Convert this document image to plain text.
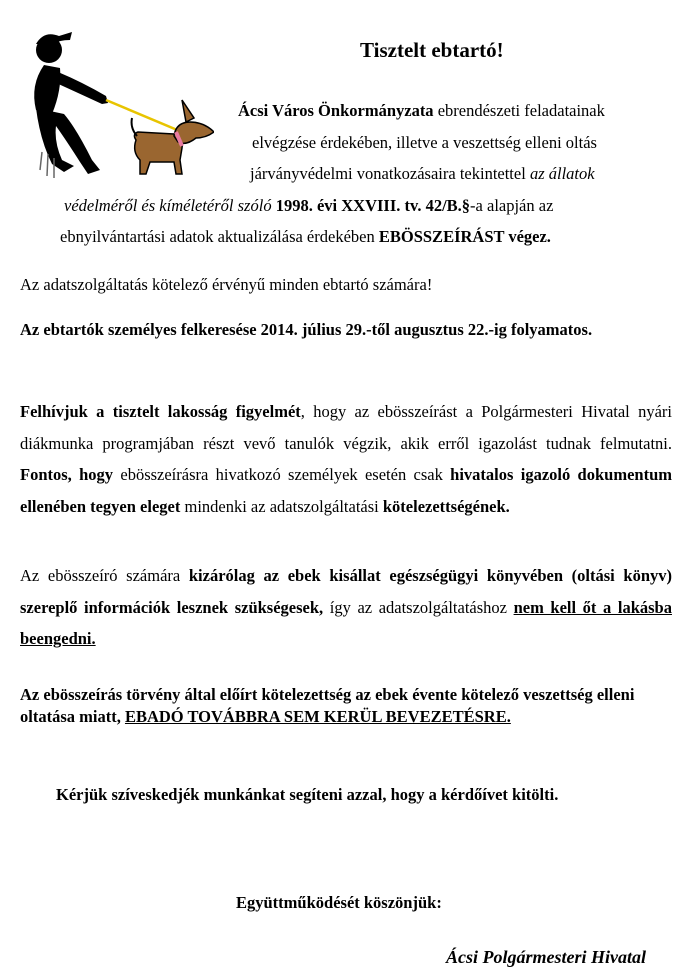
Tisztelt ebtartó!
Ácsi Város Önkormányzata ebrendészeti feladatainak
elvégzése érdekében, illetve a veszettség elleni oltás
járványvédelmi vonatkozásaira tekintettel az állatok
védelméről és kíméletéről szóló 1998. évi XXVIII. tv. 42/B.§-a alapján az
ebnyilvántartási adatok aktualizálása érdekében EBÖSSZEÍRÁST végez.

Az adatszolgáltatás kötelező érvényű minden ebtartó számára!

Az ebtartók személyes felkeresése 2014. július 29.-től augusztus 22.-ig folyamatos.

Felhívjuk a tisztelt lakosság figyelmét, hogy az ebösszeírást a Polgármesteri Hivatal nyári diákmunka programjában részt vevő tanulók végzik, akik erről igazolást tudnak felmutatni. Fontos, hogy ebösszeírásra hivatkozó személyek esetén csak hivatalos igazoló dokumentum ellenében tegyen eleget mindenki az adatszolgáltatási kötelezettségének.

Az ebösszeíró számára kizárólag az ebek kisállat egészségügyi könyvében (oltási könyv) szereplő információk lesznek szükségesek, így az adatszolgáltatáshoz nem kell őt a lakásba beengedni.

Az ebösszeírás törvény által előírt kötelezettség az ebek évente kötelező veszettség elleni oltatása miatt, EBADÓ TOVÁBBRA SEM KERÜL BEVEZETÉSRE.

Kérjük szíveskedjék munkánkat segíteni azzal, hogy a kérdőívet kitölti.

Együttműködését köszönjük:

Ácsi Polgármesteri Hivatal
